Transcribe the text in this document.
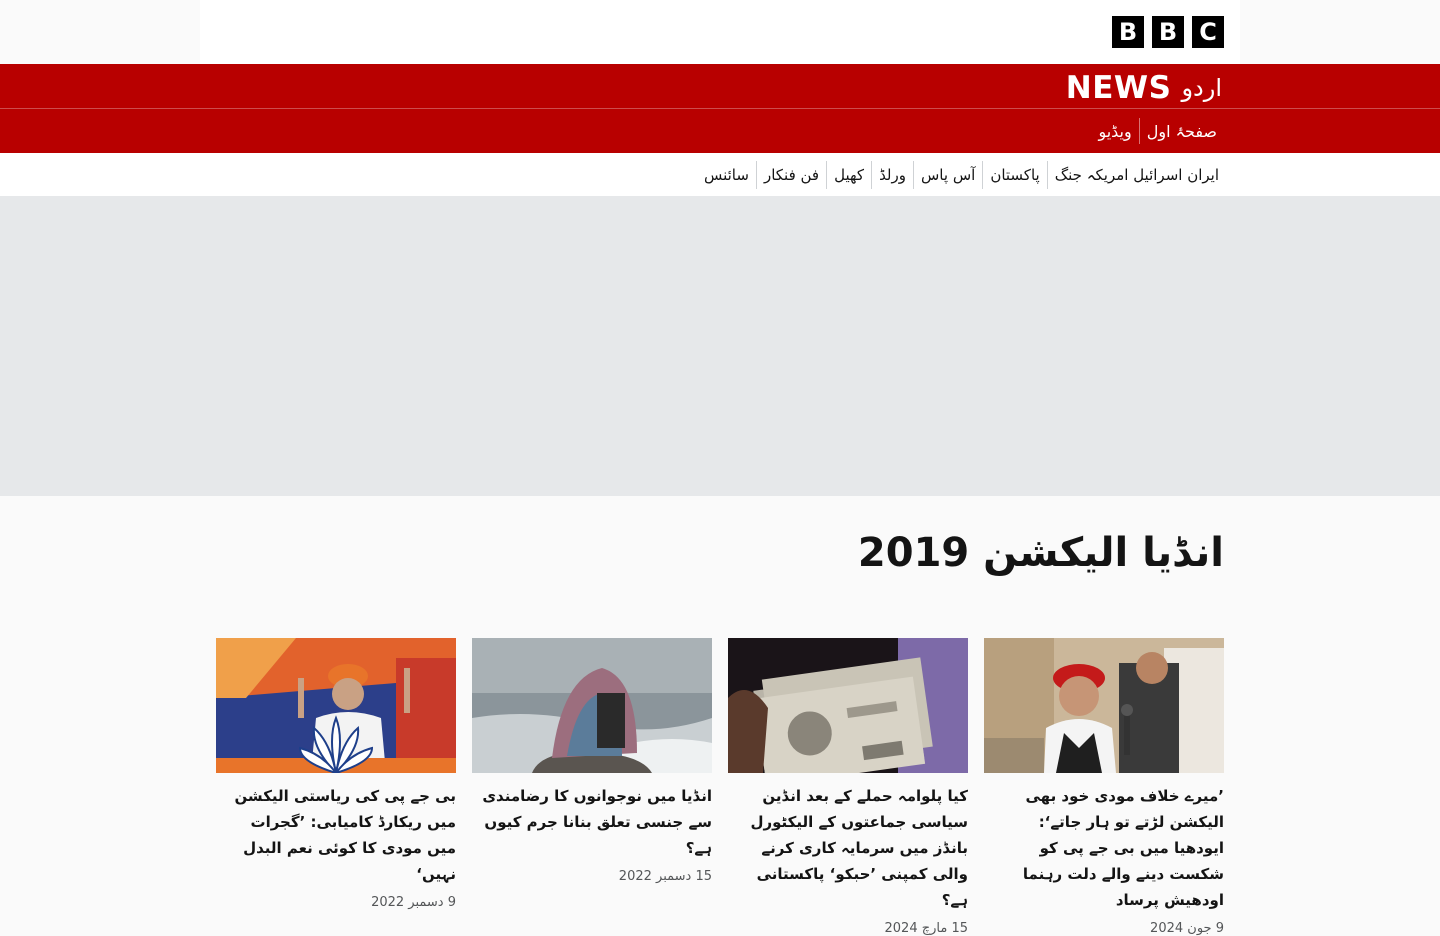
B B C
NEWS اردو
صفحۂ اول
ویڈیو
ایران اسرائیل امریکہ جنگ
پاکستان
آس پاس
ورلڈ
کھیل
فن فنکار
سائنس
انڈیا الیکشن 2019
’میرے خلاف مودی خود بھی الیکشن لڑتے تو ہار جاتے‘: ایودھیا میں بی جے پی کو شکست دینے والے دلت رہنما اودھیش پرساد
9 جون 2024
کیا پلوامہ حملے کے بعد انڈین سیاسی جماعتوں کے الیکٹورل بانڈز میں سرمایہ کاری کرنے والی کمپنی ’حبکو‘ پاکستانی ہے؟
15 مارچ 2024
انڈیا میں نوجوانوں کا رضامندی سے جنسی تعلق بنانا جرم کیوں ہے؟
15 دسمبر 2022
بی جے پی کی ریاستی الیکشن میں ریکارڈ کامیابی: ’گجرات میں مودی کا کوئی نعم البدل نہیں‘
9 دسمبر 2022
